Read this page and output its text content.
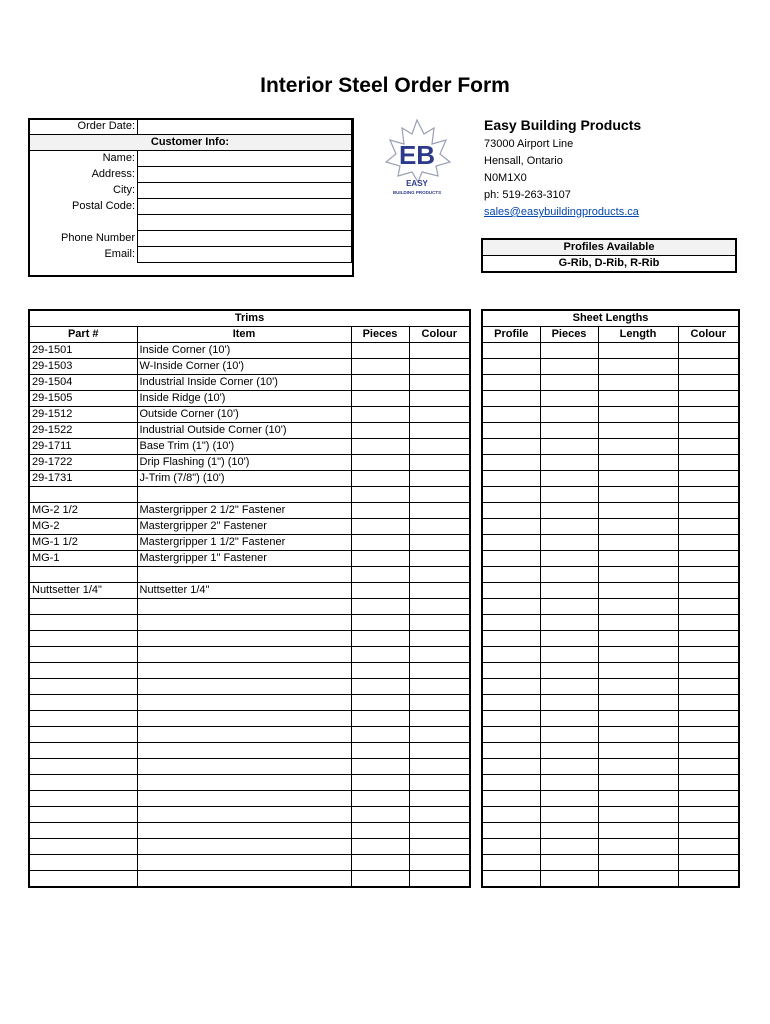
Interior Steel Order Form
Order Date:	
Customer Info:	
Name:	
Address:	
City:	
Postal Code:	

Phone Number	
Email:	
EB
EASY
BUILDING PRODUCTS
Easy Building Products
73000 Airport Line
Hensall, Ontario
N0M1X0
ph: 519-263-3107
sales@easybuildingproducts.ca
Profiles Available
G-Rib, D-Rib, R-Rib
Trims			
Part #	Item	Pieces	Colour
29-1501	Inside Corner (10')		
29-1503	W-Inside Corner (10')		
29-1504	Industrial Inside Corner (10')		
29-1505	Inside Ridge (10')		
29-1512	Outside Corner (10')		
29-1522	Industrial Outside Corner (10')		
29-1711	Base Trim (1") (10')		
29-1722	Drip Flashing (1") (10')		
29-1731	J-Trim (7/8") (10')		

MG-2 1/2	Mastergripper 2 1/2" Fastener		
MG-2	Mastergripper 2" Fastener		
MG-1 1/2	Mastergripper 1 1/2" Fastener		
MG-1	Mastergripper 1" Fastener		

Nuttsetter 1/4"	Nuttsetter 1/4"		

Sheet Lengths			
Profile	Pieces	Length	Colour
